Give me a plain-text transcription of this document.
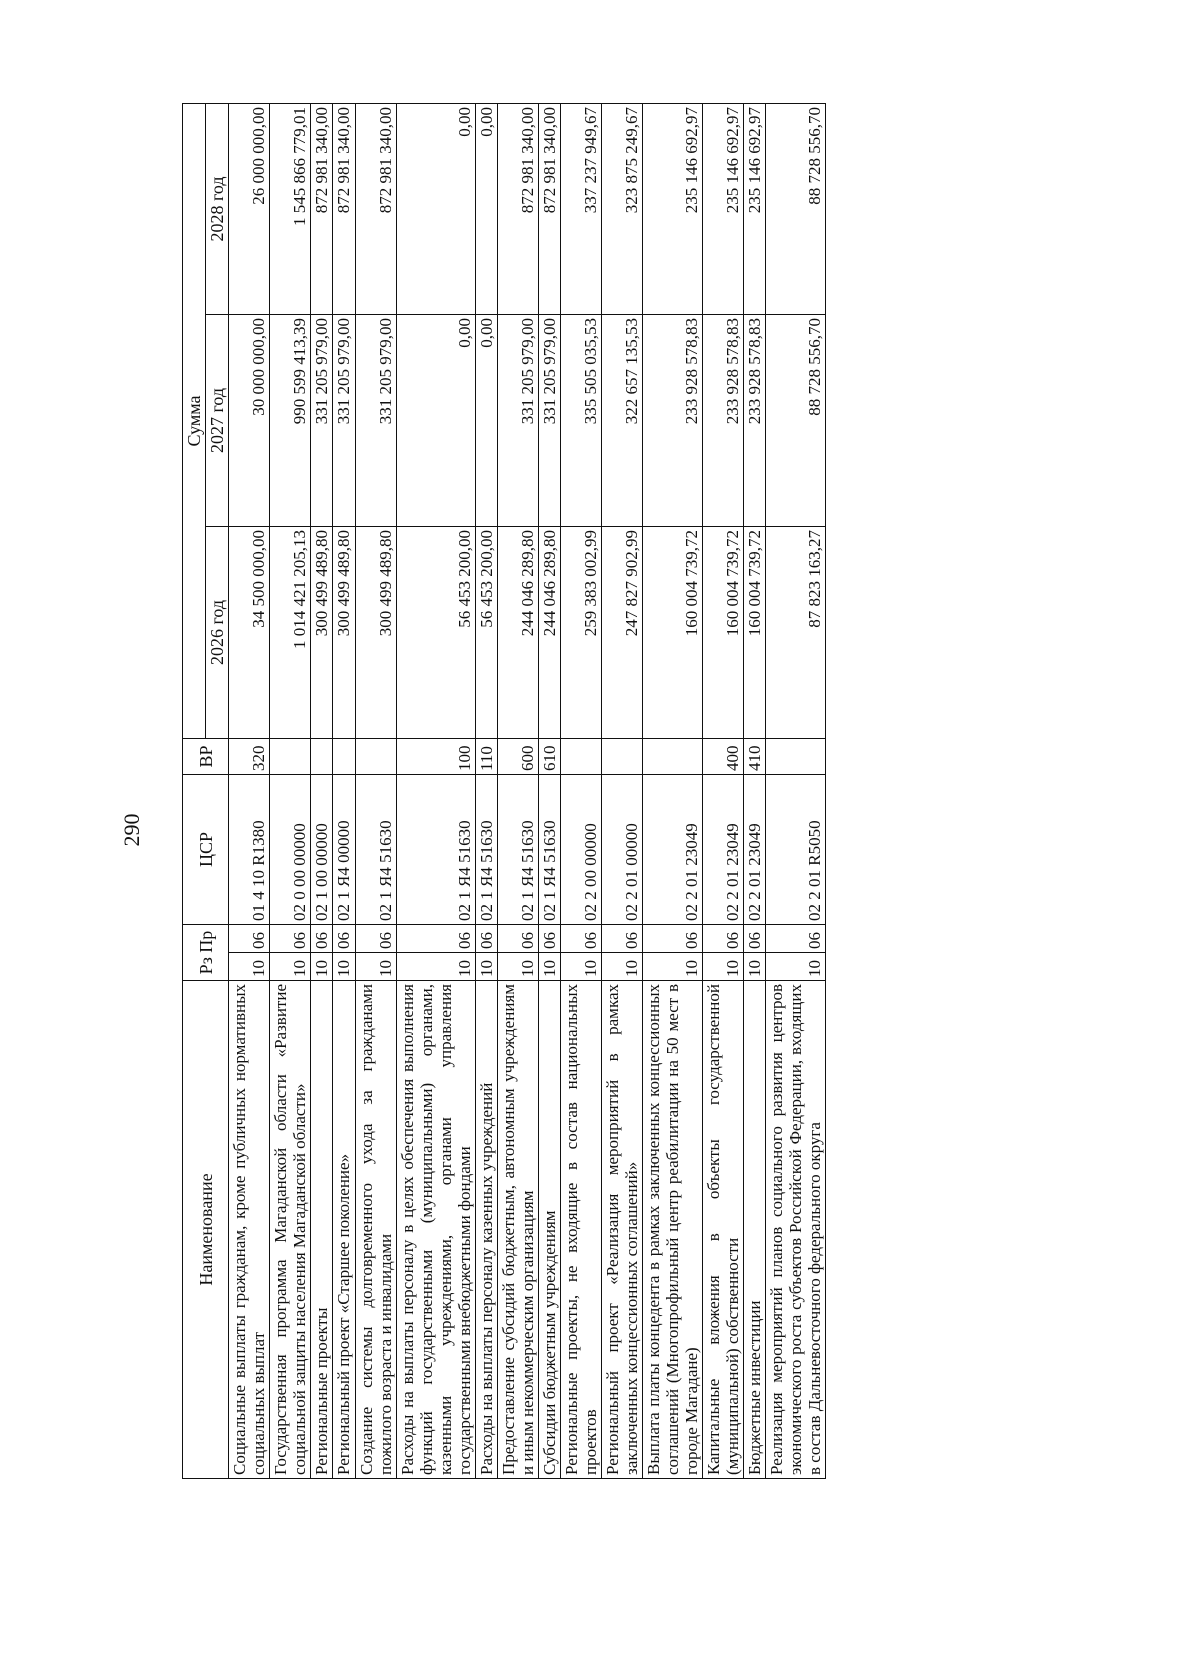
290
Наименование	Рз Пр		ЦСР	ВР	Сумма		
					2026 год	2027 год	2028 год
Социальные выплаты гражданам, кроме публичных нормативных социальных выплат	10	06	01 4 10 R1380	320	34 500 000,00	30 000 000,00	26 000 000,00
Государственная программа Магаданской области «Развитие социальной защиты населения Магаданской области»	10	06	02 0 00 00000		1 014 421 205,13	990 599 413,39	1 545 866 779,01
Региональные проекты	10	06	02 1 00 00000		300 499 489,80	331 205 979,00	872 981 340,00
Региональный проект «Старшее поколение»	10	06	02 1 Я4 00000		300 499 489,80	331 205 979,00	872 981 340,00
Создание системы долговременного ухода за гражданами пожилого возраста и инвалидами	10	06	02 1 Я4 51630		300 499 489,80	331 205 979,00	872 981 340,00
Расходы на выплаты персоналу в целях обеспечения выполнения функций государственными (муниципальными) органами, казенными учреждениями, органами управления государственными внебюджетными фондами	10	06	02 1 Я4 51630	100	56 453 200,00	0,00	0,00
Расходы на выплаты персоналу казенных учреждений	10	06	02 1 Я4 51630	110	56 453 200,00	0,00	0,00
Предоставление субсидий бюджетным, автономным учреждениям и иным некоммерческим организациям	10	06	02 1 Я4 51630	600	244 046 289,80	331 205 979,00	872 981 340,00
Субсидии бюджетным учреждениям	10	06	02 1 Я4 51630	610	244 046 289,80	331 205 979,00	872 981 340,00
Региональные проекты, не входящие в состав национальных проектов	10	06	02 2 00 00000		259 383 002,99	335 505 035,53	337 237 949,67
Региональный проект «Реализация мероприятий в рамках заключенных концессионных соглашений»	10	06	02 2 01 00000		247 827 902,99	322 657 135,53	323 875 249,67
Выплата платы концедента в рамках заключенных концессионных соглашений (Многопрофильный центр реабилитации на 50 мест в городе Магадане)	10	06	02 2 01 23049		160 004 739,72	233 928 578,83	235 146 692,97
Капитальные вложения в объекты государственной (муниципальной) собственности	10	06	02 2 01 23049	400	160 004 739,72	233 928 578,83	235 146 692,97
Бюджетные инвестиции	10	06	02 2 01 23049	410	160 004 739,72	233 928 578,83	235 146 692,97
Реализация мероприятий планов социального развития центров экономического роста субъектов Российской Федерации, входящих в состав Дальневосточного федерального округа	10	06	02 2 01 R5050		87 823 163,27	88 728 556,70	88 728 556,70
